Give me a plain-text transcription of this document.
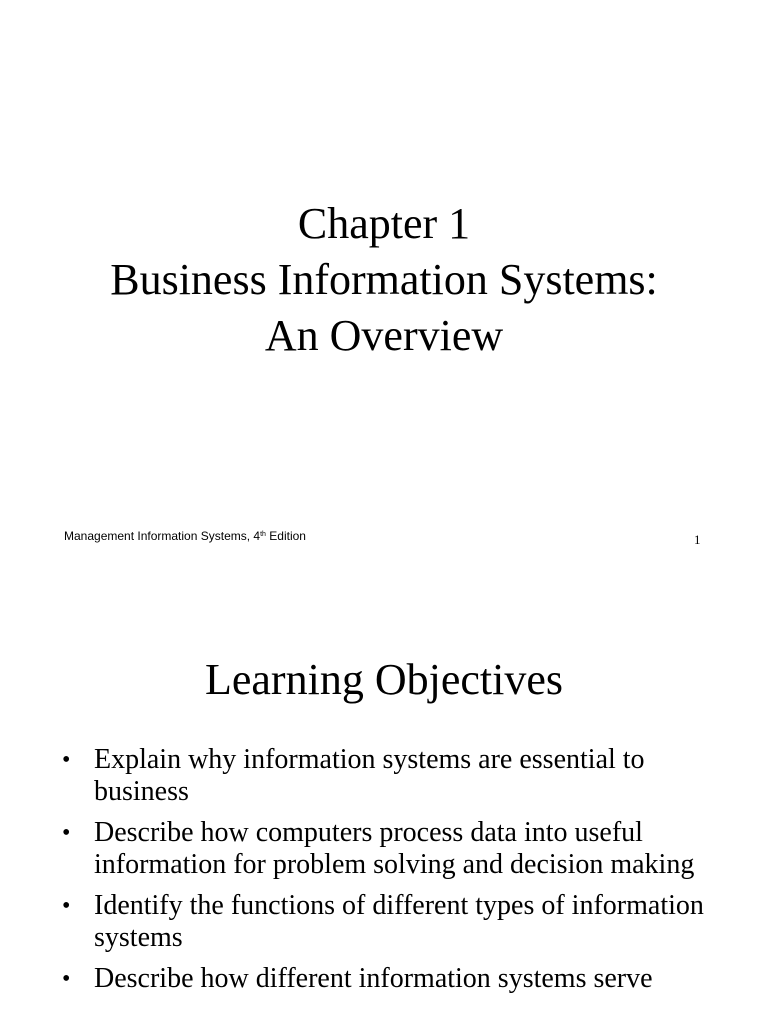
Chapter 1
Business Information Systems:
An Overview
Management Information Systems, 4th Edition	1
Learning Objectives
• Explain why information systems are essential to business
• Describe how computers process data into useful information for problem solving and decision making
• Identify the functions of different types of information systems
• Describe how different information systems serve
